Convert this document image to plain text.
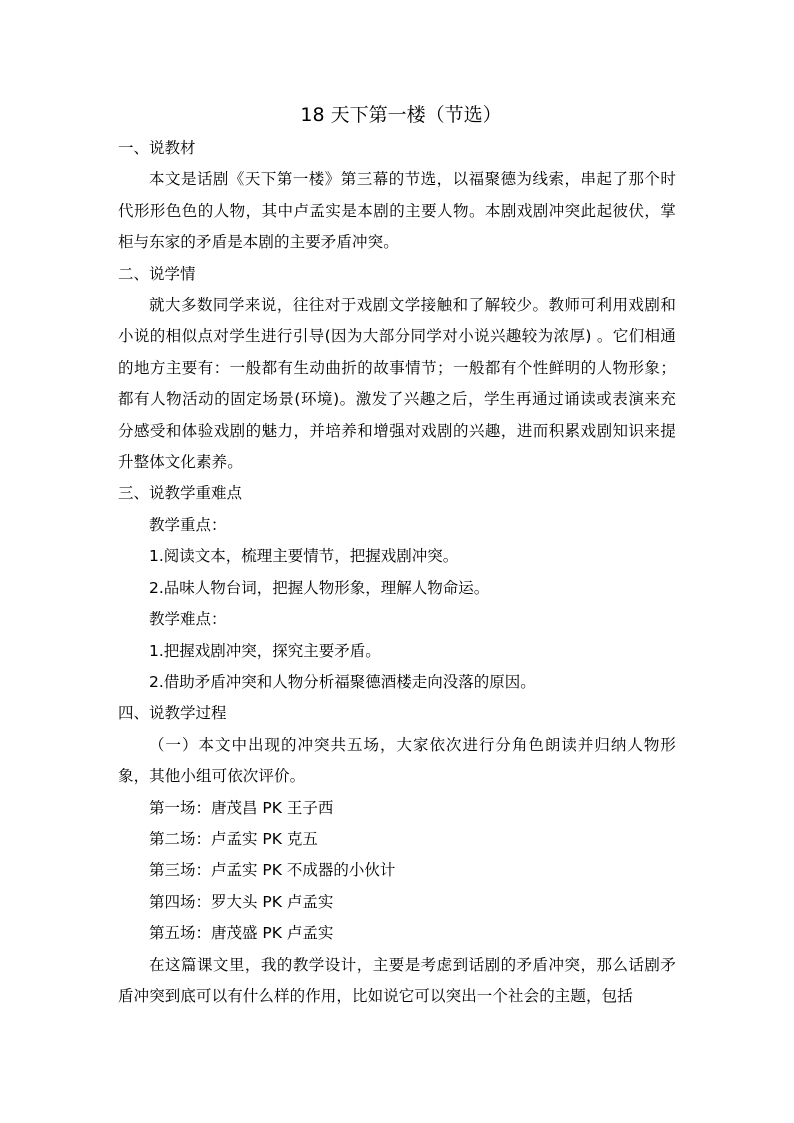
18 天下第一楼（节选）
一、说教材

本文是话剧《天下第一楼》第三幕的节选，以福聚德为线索，串起了那个时代形形色色的人物，其中卢孟实是本剧的主要人物。本剧戏剧冲突此起彼伏，掌柜与东家的矛盾是本剧的主要矛盾冲突。

二、说学情

就大多数同学来说，往往对于戏剧文学接触和了解较少。教师可利用戏剧和小说的相似点对学生进行引导(因为大部分同学对小说兴趣较为浓厚) 。它们相通的地方主要有：一般都有生动曲折的故事情节；一般都有个性鲜明的人物形象；都有人物活动的固定场景(环境)。激发了兴趣之后，学生再通过诵读或表演来充分感受和体验戏剧的魅力，并培养和增强对戏剧的兴趣，进而积累戏剧知识来提升整体文化素养。

三、说教学重难点
教学重点：
1.阅读文本，梳理主要情节，把握戏剧冲突。
2.品味人物台词，把握人物形象，理解人物命运。
教学难点：
1.把握戏剧冲突，探究主要矛盾。
2.借助矛盾冲突和人物分析福聚德酒楼走向没落的原因。
四、说教学过程

（一）本文中出现的冲突共五场，大家依次进行分角色朗读并归纳人物形象，其他小组可依次评价。

第一场：唐茂昌 PK 王子西
第二场：卢孟实 PK 克五
第三场：卢孟实 PK 不成器的小伙计
第四场：罗大头 PK 卢孟实
第五场：唐茂盛 PK 卢孟实

在这篇课文里，我的教学设计，主要是考虑到话剧的矛盾冲突，那么话剧矛盾冲突到底可以有什么样的作用，比如说它可以突出一个社会的主题，包括
